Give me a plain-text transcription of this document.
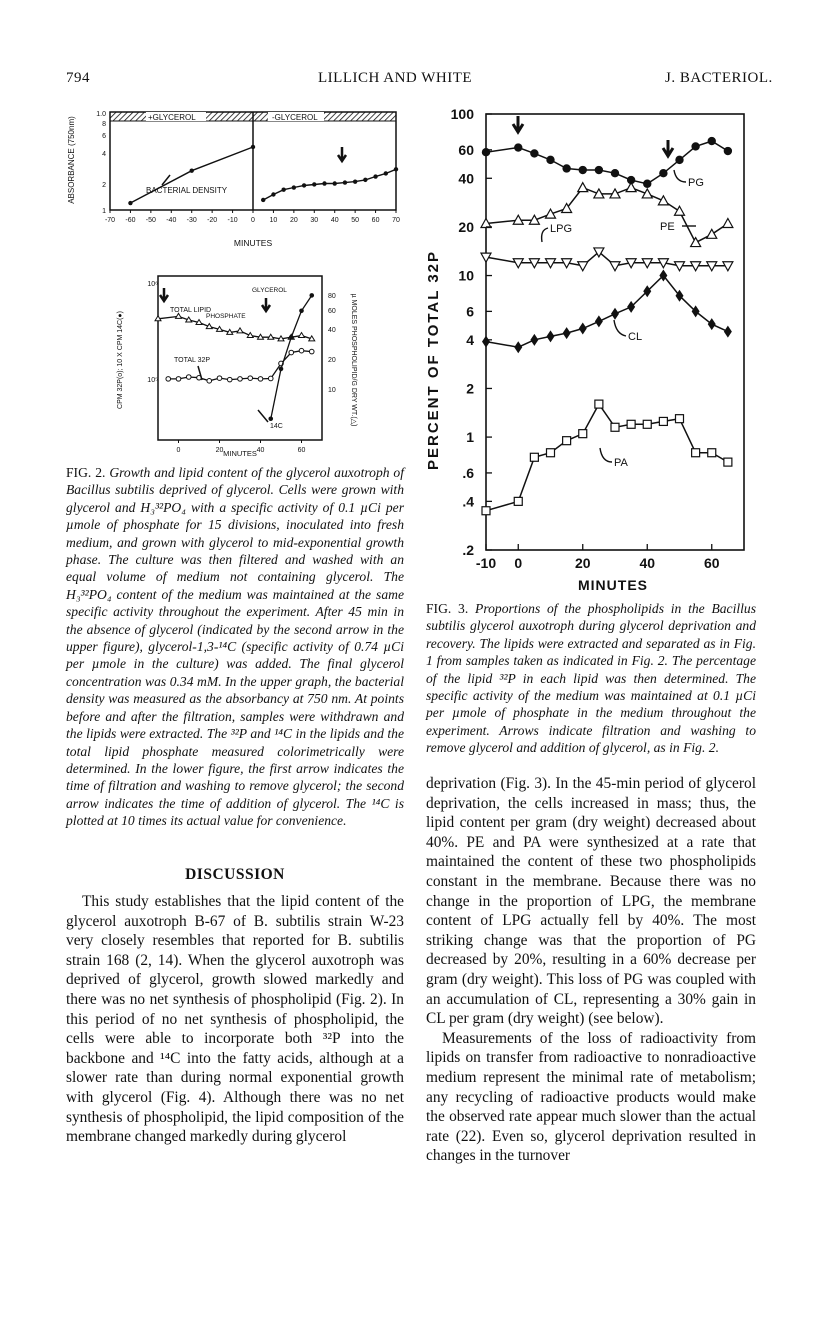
794	LILLICH AND WHITE	J. BACTERIOL.
+GLYCEROL	-GLYCEROL
BACTERIAL DENSITY
-70 -60 -50 -40 -30 -20 -10 0 10 20 30 40 50 60 70
ABSORBANCE (750nm)
MINUTES
1.0
8
6
4
2
1
0	20	40	60
TOTAL LIPID
PHOSPHATE
GLYCEROL
TOTAL 32P
14C
10⁶
10⁵
80
60
40
20
10
CPM 32P(o); 10 X CPM 14C(●)	µ MOLES PHOSPHOLIPID/G DRY WT.(△)
MINUTES
FIG. 2. Growth and lipid content of the glycerol auxotroph of Bacillus subtilis deprived of glycerol. Cells were grown with glycerol and H₃³²PO₄ with a specific activity of 0.1 µCi per µmole of phosphate for 15 divisions, inoculated into fresh medium, and grown with glycerol to mid-exponential growth phase. The culture was then filtered and washed with an equal volume of medium not containing glycerol. The H₃³²PO₄ content of the medium was maintained at the same specific activity throughout the experiment. After 45 min in the absence of glycerol (indicated by the second arrow in the upper figure), glycerol-1,3-¹⁴C (specific activity of 0.74 µCi per µmole in the culture) was added. The final glycerol concentration was 0.34 mM. In the upper graph, the bacterial density was measured as the absorbancy at 750 nm. At points before and after the filtration, samples were withdrawn and the lipids were extracted. The ³²P and ¹⁴C in the lipids and the total lipid phosphate measured colorimetrically were determined. In the lower figure, the first arrow indicates the time of filtration and washing to remove glycerol; the second arrow indicates the time of addition of glycerol. The ¹⁴C is plotted at 10 times its actual value for convenience.
DISCUSSION

This study establishes that the lipid content of the glycerol auxotroph B-67 of B. subtilis strain W-23 very closely resembles that reported for B. subtilis strain 168 (2, 14). When the glycerol auxotroph was deprived of glycerol, growth slowed markedly and there was no net synthesis of phospholipid (Fig. 2). In this period of no net synthesis of phospholipid, the cells were able to incorporate both ³²P into the backbone and ¹⁴C into the fatty acids, although at a slower rate than during normal exponential growth with glycerol (Fig. 4). Although there was no net synthesis of phospholipid, the lipid composition of the membrane changed markedly during glycerol

100
60
40
20
10
6
4
2
1
.6
.4
.2
-10 0	20	40	60
PG
PE
LPG
CL
PA
PERCENT OF TOTAL 32P
MINUTES
FIG. 3. Proportions of the phospholipids in the Bacillus subtilis glycerol auxotroph during glycerol deprivation and recovery. The lipids were extracted and separated as in Fig. 1 from samples taken as indicated in Fig. 2. The percentage of the lipid ³²P in each lipid was then determined. The specific activity of the medium was maintained at 0.1 µCi per µmole of phosphate in the medium throughout the experiment. Arrows indicate filtration and washing to remove glycerol and addition of glycerol, as in Fig. 2.

deprivation (Fig. 3). In the 45-min period of glycerol deprivation, the cells increased in mass; thus, the lipid content per gram (dry weight) decreased about 40%. PE and PA were synthesized at a rate that maintained the content of these two phospholipids constant in the membrane. Because there was no change in the proportion of LPG, the membrane content of LPG actually fell by 40%. The most striking change was that the proportion of PG decreased by 20%, resulting in a 60% decrease per gram (dry weight). This loss of PG was coupled with an accumulation of CL, representing a 30% gain in CL per gram (dry weight) (see below).

Measurements of the loss of radioactivity from lipids on transfer from radioactive to nonradioactive medium represent the minimal rate of metabolism; any recycling of radioactive products would make the observed rate appear much slower than the actual rate (22). Even so, glycerol deprivation resulted in changes in the turnover
